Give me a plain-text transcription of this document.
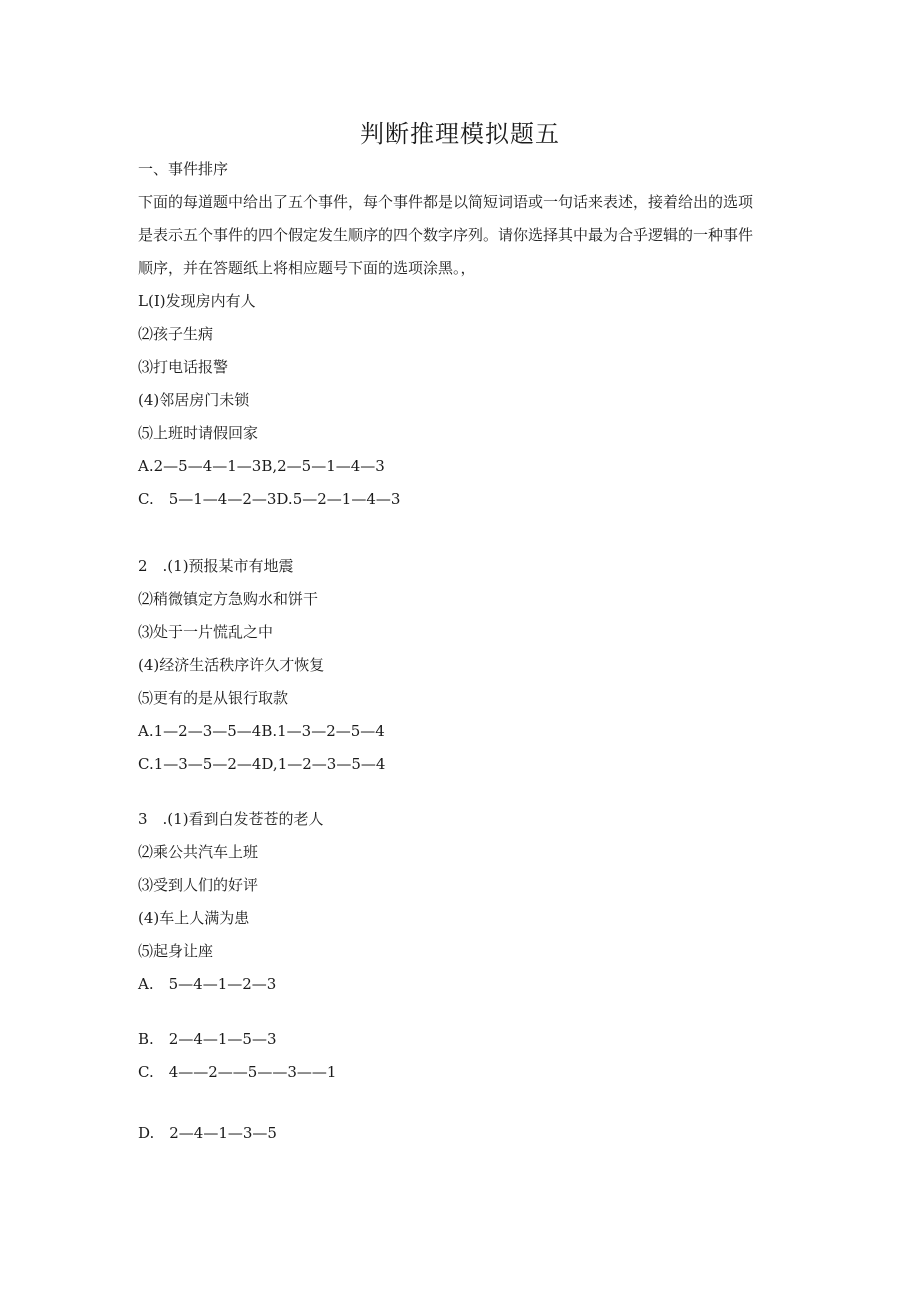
判断推理模拟题五
一、事件排序
下面的每道题中给出了五个事件，每个事件都是以简短词语或一句话来表述，接着给出的选项
是表示五个事件的四个假定发生顺序的四个数字序列。请你选择其中最为合乎逻辑的一种事件
顺序，并在答题纸上将相应题号下面的选项涂黑。，
L(I)发现房内有人
⑵孩子生病
⑶打电话报警
(4)邻居房门未锁
⑸上班时请假回家
A.2—5—4—1—3B,2—5—1—4—3
C.　5—1—4—2—3D.5—2—1—4—3
2　.(1)预报某市有地震
⑵稍微镇定方急购水和饼干
⑶处于一片慌乱之中
(4)经济生活秩序许久才恢复
⑸更有的是从银行取款
A.1—2—3—5—4B.1—3—2—5—4
C.1—3—5—2—4D,1—2—3—5—4
3　.(1)看到白发苍苍的老人
⑵乘公共汽车上班
⑶受到人们的好评
(4)车上人满为患
⑸起身让座
A.　5—4—1—2—3
B.　2—4—1—5—3
C.　4——2——5——3——1
D.　2—4—1—3—5
